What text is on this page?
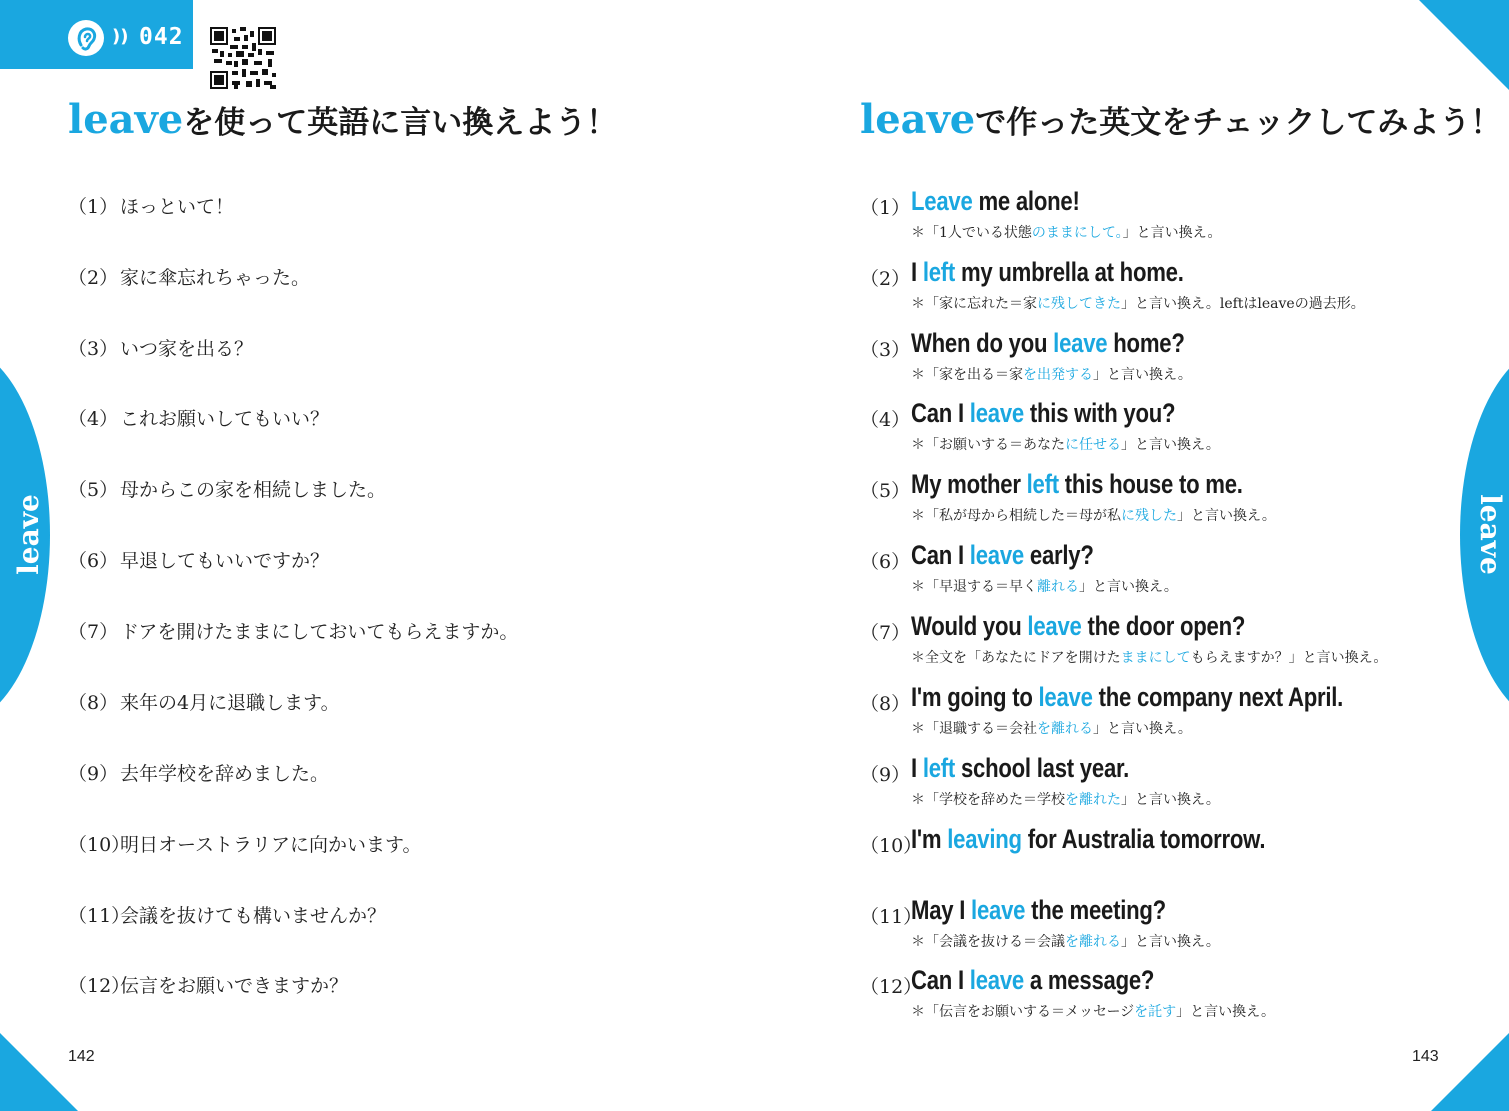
)) 042
leave	leave
leaveを使って英語に言い換えよう！	leaveで作った英文をチェックしてみよう！
（1） ほっといて！
（2） 家に傘忘れちゃった。
（3） いつ家を出る？
（4） これお願いしてもいい？
（5） 母からこの家を相続しました。
（6） 早退してもいいですか？
（7） ドアを開けたままにしておいてもらえますか。
（8） 来年の4月に退職します。
（9） 去年学校を辞めました。
（10）明日オーストラリアに向かいます。
（11）会議を抜けても構いませんか？
（12）伝言をお願いできますか？
（1） Leave me alone!
＊「1人でいる状態のままにして。」と言い換え。
（2） I left my umbrella at home.
＊「家に忘れた＝家に残してきた」と言い換え。leftはleaveの過去形。
（3） When do you leave home?
＊「家を出る＝家を出発する」と言い換え。
（4） Can I leave this with you?
＊「お願いする＝あなたに任せる」と言い換え。
（5） My mother left this house to me.
＊「私が母から相続した＝母が私に残した」と言い換え。
（6） Can I leave early?
＊「早退する＝早く離れる」と言い換え。
（7） Would you leave the door open?
＊全文を「あなたにドアを開けたままにしてもらえますか？」と言い換え。
（8） I'm going to leave the company next April.
＊「退職する＝会社を離れる」と言い換え。
（9） I left school last year.
＊「学校を辞めた＝学校を離れた」と言い換え。
（10）
I'm leaving for Australia tomorrow.
（11）
May I leave the meeting?
＊「会議を抜ける＝会議を離れる」と言い換え。
（12）
Can I leave a message?
＊「伝言をお願いする＝メッセージを託す」と言い換え。
142	143
